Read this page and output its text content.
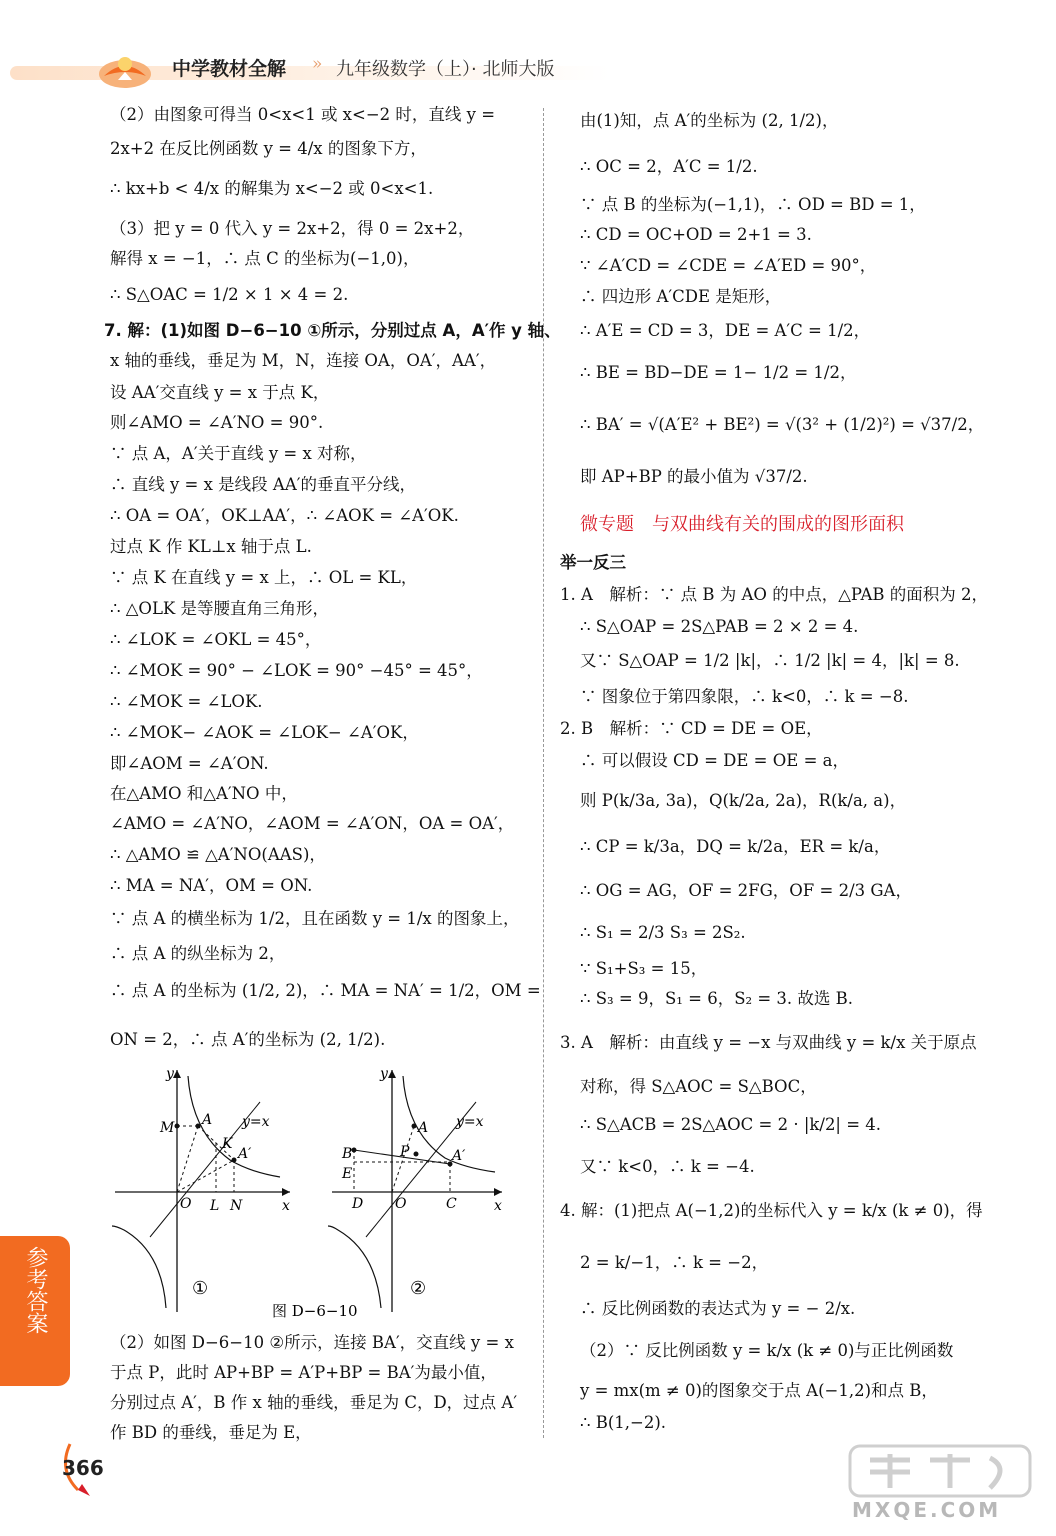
中学教材全解 » 九年级数学（上）· 北师大版
（2）由图象可得当 0<x<1 或 x<−2 时，直线 y =
2x+2 在反比例函数 y = 4/x 的图象下方，
∴ kx+b < 4/x 的解集为 x<−2 或 0<x<1.
（3）把 y = 0 代入 y = 2x+2，得 0 = 2x+2，
解得 x = −1，∴ 点 C 的坐标为(−1,0)，
∴ S△OAC = 1/2 × 1 × 4 = 2.
7. 解：(1)如图 D−6−10 ①所示，分别过点 A，A′作 y 轴、
x 轴的垂线，垂足为 M，N，连接 OA，OA′，AA′，
设 AA′交直线 y = x 于点 K，
则∠AMO = ∠A′NO = 90°.
∵ 点 A，A′关于直线 y = x 对称，
∴ 直线 y = x 是线段 AA′的垂直平分线，
∴ OA = OA′，OK⊥AA′，∴ ∠AOK = ∠A′OK.
过点 K 作 KL⊥x 轴于点 L.
∵ 点 K 在直线 y = x 上，∴ OL = KL，
∴ △OLK 是等腰直角三角形，
∴ ∠LOK = ∠OKL = 45°，
∴ ∠MOK = 90° − ∠LOK = 90° −45° = 45°，
∴ ∠MOK = ∠LOK.
∴ ∠MOK− ∠AOK = ∠LOK− ∠A′OK，
即∠AOM = ∠A′ON.
在△AMO 和△A′NO 中，
∠AMO = ∠A′NO，∠AOM = ∠A′ON，OA = OA′，
∴ △AMO ≌ △A′NO(AAS)，
∴ MA = NA′，OM = ON.
∵ 点 A 的横坐标为 1/2，且在函数 y = 1/x 的图象上，
∴ 点 A 的纵坐标为 2，
∴ 点 A 的坐标为 (1/2, 2)，∴ MA = NA′ = 1/2，OM =
ON = 2，∴ 点 A′的坐标为 (2, 1/2).
（2）如图 D−6−10 ②所示，连接 BA′，交直线 y = x
于点 P，此时 AP+BP = A′P+BP = BA′为最小值，
分别过点 A′，B 作 x 轴的垂线，垂足为 C，D，过点 A′
作 BD 的垂线，垂足为 E，
y
x
y=x
M A
K
A′
O L N
①
y
x
y=x
B
E
D O
A
P	A′
C
②
图 D−6−10
由(1)知，点 A′的坐标为 (2, 1/2)，
∴ OC = 2，A′C = 1/2.
∵ 点 B 的坐标为(−1,1)，∴ OD = BD = 1，
∴ CD = OC+OD = 2+1 = 3.
∵ ∠A′CD = ∠CDE = ∠A′ED = 90°，
∴ 四边形 A′CDE 是矩形，
∴ A′E = CD = 3，DE = A′C = 1/2，
∴ BE = BD−DE = 1− 1/2 = 1/2，
∴ BA′ = √(A′E² + BE²) = √(3² + (1/2)²) = √37/2，
即 AP+BP 的最小值为 √37/2.
微专题　与双曲线有关的围成的图形面积
举一反三
1. A　解析：∵ 点 B 为 AO 的中点，△PAB 的面积为 2，
∴ S△OAP = 2S△PAB = 2 × 2 = 4.
又∵ S△OAP = 1/2 |k|，∴ 1/2 |k| = 4，|k| = 8.
∵ 图象位于第四象限，∴ k<0，∴ k = −8.
2. B　解析：∵ CD = DE = OE，
∴ 可以假设 CD = DE = OE = a，
则 P(k/3a, 3a)，Q(k/2a, 2a)，R(k/a, a)，
∴ CP = k/3a，DQ = k/2a，ER = k/a，
∴ OG = AG，OF = 2FG，OF = 2/3 GA，
∴ S₁ = 2/3 S₃ = 2S₂.
∵ S₁+S₃ = 15，
∴ S₃ = 9，S₁ = 6，S₂ = 3. 故选 B.
3. A　解析：由直线 y = −x 与双曲线 y = k/x 关于原点
对称，得 S△AOC = S△BOC，
∴ S△ACB = 2S△AOC = 2 · |k/2| = 4.
又∵ k<0，∴ k = −4.
4. 解：(1)把点 A(−1,2)的坐标代入 y = k/x (k ≠ 0)，得
2 = k/−1，∴ k = −2，
∴ 反比例函数的表达式为 y = − 2/x.
（2）∵ 反比例函数 y = k/x (k ≠ 0)与正比例函数
y = mx(m ≠ 0)的图象交于点 A(−1,2)和点 B，
∴ B(1,−2).
参考答案
366
MXQE.COM
